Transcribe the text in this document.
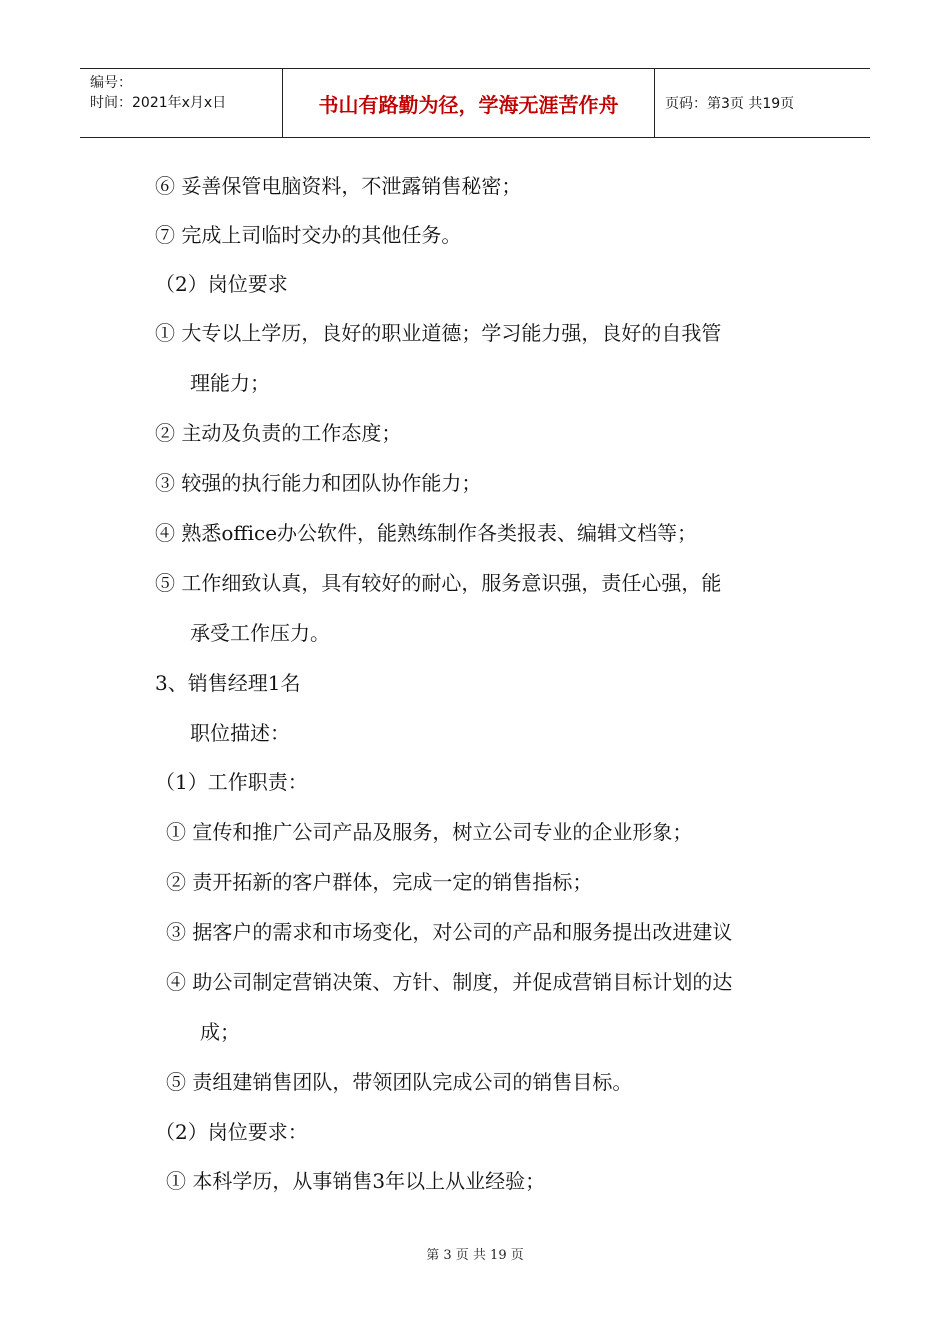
编号：
时间：2021年x月x日	书山有路勤为径，学海无涯苦作舟	页码：第3页 共19页
⑥ 妥善保管电脑资料，不泄露销售秘密；
⑦ 完成上司临时交办的其他任务。
（2）岗位要求
① 大专以上学历，良好的职业道德；学习能力强，良好的自我管
理能力；
② 主动及负责的工作态度；
③ 较强的执行能力和团队协作能力；
④ 熟悉office办公软件，能熟练制作各类报表、编辑文档等；
⑤ 工作细致认真，具有较好的耐心，服务意识强，责任心强，能
承受工作压力。
3、销售经理1名
职位描述：
（1）工作职责：
① 宣传和推广公司产品及服务，树立公司专业的企业形象；
② 责开拓新的客户群体，完成一定的销售指标；
③ 据客户的需求和市场变化，对公司的产品和服务提出改进建议
④ 助公司制定营销决策、方针、制度，并促成营销目标计划的达
成；
⑤ 责组建销售团队，带领团队完成公司的销售目标。
（2）岗位要求：
① 本科学历，从事销售3年以上从业经验；
第 3 页 共 19 页
